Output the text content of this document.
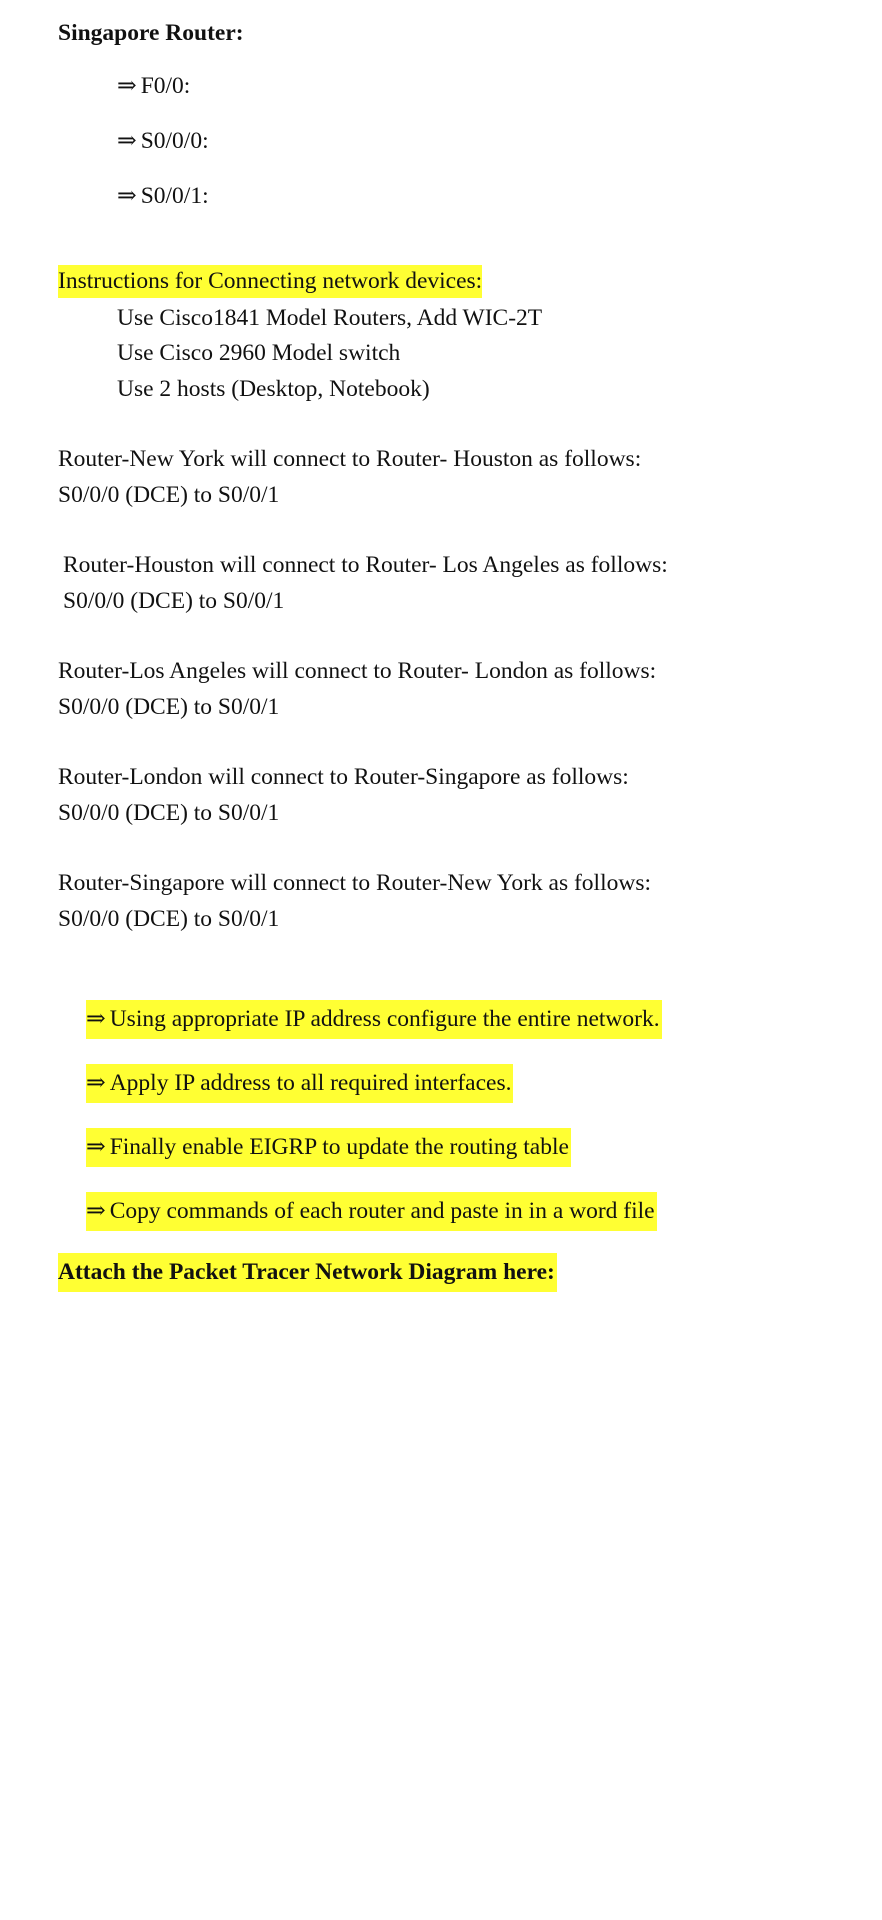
Singapore Router:
⇒ F0/0:
⇒ S0/0/0:
⇒ S0/0/1:
Instructions for Connecting network devices:
Use Cisco1841 Model Routers, Add WIC-2T
Use Cisco 2960 Model switch
Use 2 hosts (Desktop, Notebook)
Router-New York will connect to Router- Houston as follows:
S0/0/0 (DCE) to S0/0/1
Router-Houston will connect to Router- Los Angeles as follows:
S0/0/0 (DCE) to S0/0/1
Router-Los Angeles will connect to Router- London as follows:
S0/0/0 (DCE) to S0/0/1
Router-London will connect to Router-Singapore as follows:
S0/0/0 (DCE) to S0/0/1
Router-Singapore will connect to Router-New York as follows:
S0/0/0 (DCE) to S0/0/1
⇒ Using appropriate IP address configure the entire network.
⇒ Apply IP address to all required interfaces.
⇒ Finally enable EIGRP to update the routing table
⇒ Copy commands of each router and paste in in a word file
Attach the Packet Tracer Network Diagram here:
